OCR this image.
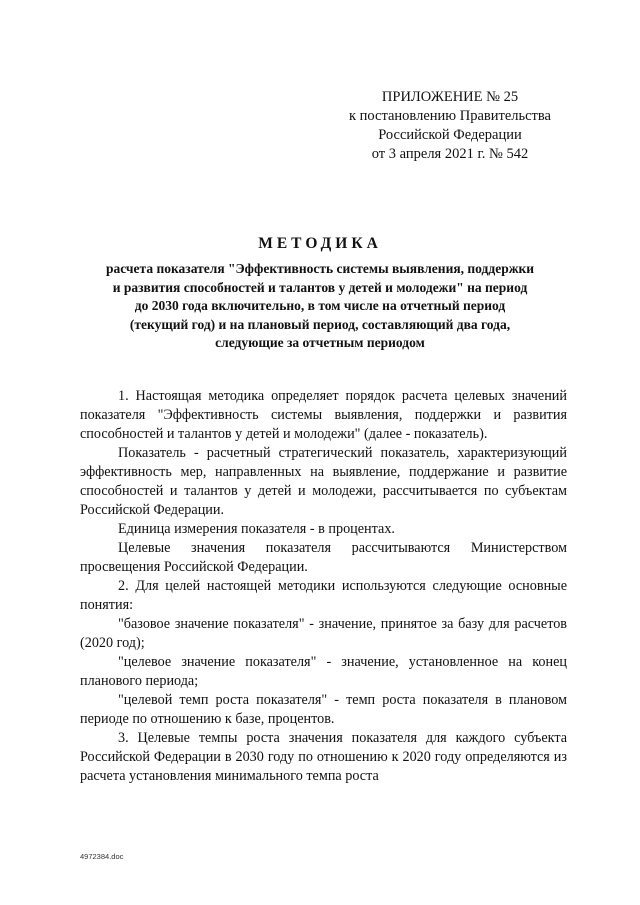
ПРИЛОЖЕНИЕ № 25
к постановлению Правительства
Российской Федерации
от 3 апреля 2021 г. № 542
МЕТОДИКА
расчета показателя "Эффективность системы выявления, поддержки
и развития способностей и талантов у детей и молодежи" на период
до 2030 года включительно, в том числе на отчетный период
(текущий год) и на плановый период, составляющий два года,
следующие за отчетным периодом

1. Настоящая методика определяет порядок расчета целевых значений показателя "Эффективность системы выявления, поддержки и развития способностей и талантов у детей и молодежи" (далее - показатель).

Показатель - расчетный стратегический показатель, характеризующий эффективность мер, направленных на выявление, поддержание и развитие способностей и талантов у детей и молодежи, рассчитывается по субъектам Российской Федерации.

Единица измерения показателя - в процентах.

Целевые значения показателя рассчитываются Министерством просвещения Российской Федерации.

2. Для целей настоящей методики используются следующие основные понятия:

"базовое значение показателя" - значение, принятое за базу для расчетов (2020 год);

"целевое значение показателя" - значение, установленное на конец планового периода;

"целевой темп роста показателя" - темп роста показателя в плановом периоде по отношению к базе, процентов.

3. Целевые темпы роста значения показателя для каждого субъекта Российской Федерации в 2030 году по отношению к 2020 году определяются из расчета установления минимального темпа роста

4972384.doc
